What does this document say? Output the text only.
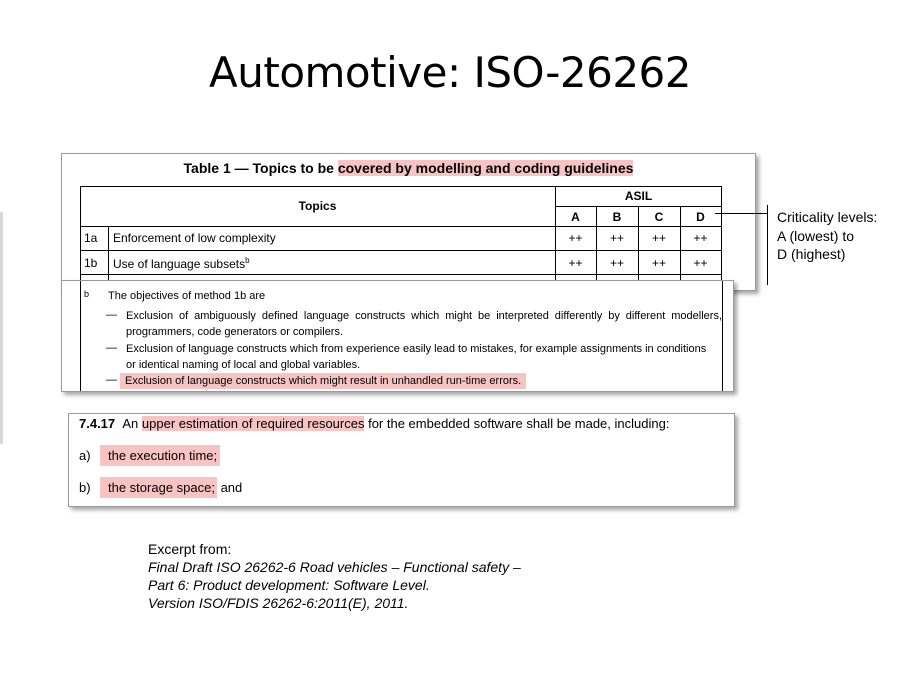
Automotive: ISO-26262
Table 1 — Topics to be covered by modelling and coding guidelines
Topics
ASIL
A	B	C	D
1a Enforcement of low complexity	++	++	++	++
1b Use of language subsets$^b$	++	++	++	++
b The objectives of method 1b are
— Exclusion of ambiguously defined language constructs which might be interpreted differently by different modellers,
programmers, code generators or compilers.
— Exclusion of language constructs which from experience easily lead to mistakes, for example assignments in conditions
or identical naming of local and global variables.
— Exclusion of language constructs which might result in unhandled run-time errors.
7.4.17 An upper estimation of required resources for the embedded software shall be made, including:
a)	the execution time;
b)	the storage space; and
Criticality levels:
A (lowest) to
D (highest)
Excerpt from:
Final Draft ISO 26262-6 Road vehicles – Functional safety –
Part 6: Product development: Software Level.
Version ISO/FDIS 26262-6:2011(E), 2011.
